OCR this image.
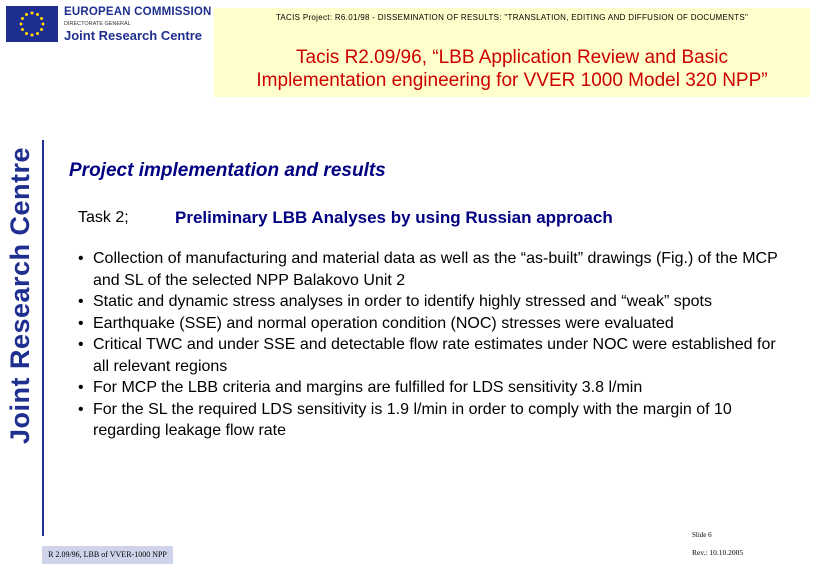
EUROPEAN COMMISSION
DIRECTORATE GENERAL
Joint Research Centre
TACIS Project: R6.01/98 - DISSEMINATION OF RESULTS: "TRANSLATION, EDITING AND DIFFUSION OF DOCUMENTS"
Tacis R2.09/96, “LBB Application Review and Basic
Implementation engineering for VVER 1000 Model 320 NPP”
Joint Research Centre Project implementation and results
Task 2;	Preliminary LBB Analyses by using Russian approach
• Collection of manufacturing and material data as well as the “as-built” drawings (Fig.) of the MCP and SL of the selected NPP Balakovo Unit 2
• Static and dynamic stress analyses in order to identify highly stressed and “weak” spots
• Earthquake (SSE) and normal operation condition (NOC) stresses were evaluated
• Critical TWC and under SSE and detectable flow rate estimates under NOC were established for all relevant regions
• For MCP the LBB criteria and margins are fulfilled for LDS sensitivity 3.8 l/min
• For the SL the required LDS sensitivity is 1.9 l/min in order to comply with the margin of 10 regarding leakage flow rate
R 2.09/96, LBB of VVER-1000 NPP
Slide 6
Rev.: 10.10.2005
